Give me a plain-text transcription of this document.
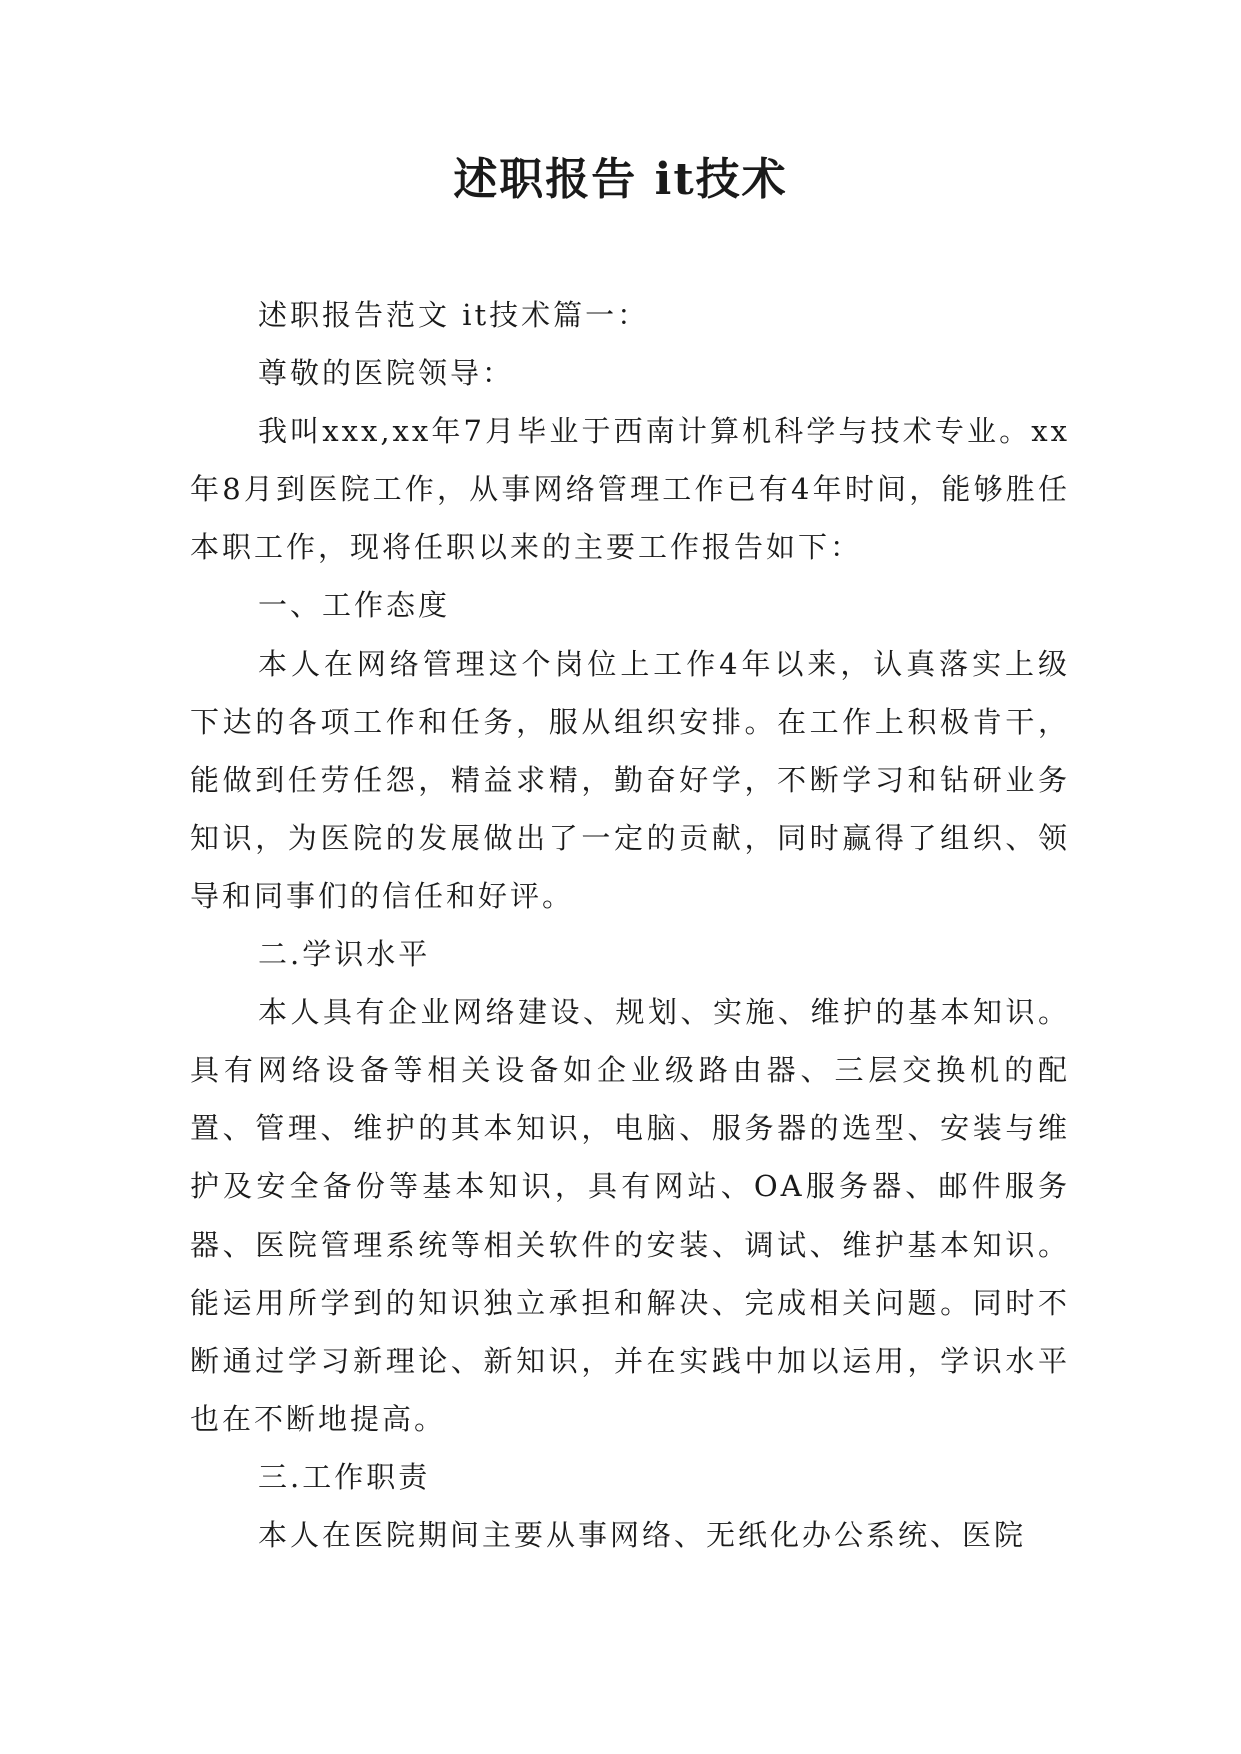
述职报告 it技术

述职报告范文 it技术篇一：

尊敬的医院领导：

我叫xxx,xx年7月毕业于西南计算机科学与技术专业。xx年8月到医院工作，从事网络管理工作已有4年时间，能够胜任本职工作，现将任职以来的主要工作报告如下：

一、工作态度

本人在网络管理这个岗位上工作4年以来，认真落实上级下达的各项工作和任务，服从组织安排。在工作上积极肯干，能做到任劳任怨，精益求精，勤奋好学，不断学习和钻研业务知识，为医院的发展做出了一定的贡献，同时赢得了组织、领导和同事们的信任和好评。

二.学识水平

本人具有企业网络建设、规划、实施、维护的基本知识。具有网络设备等相关设备如企业级路由器、三层交换机的配置、管理、维护的其本知识，电脑、服务器的选型、安装与维护及安全备份等基本知识，具有网站、OA服务器、邮件服务器、医院管理系统等相关软件的安装、调试、维护基本知识。能运用所学到的知识独立承担和解决、完成相关问题。同时不断通过学习新理论、新知识，并在实践中加以运用，学识水平也在不断地提高。

三.工作职责

本人在医院期间主要从事网络、无纸化办公系统、医院
